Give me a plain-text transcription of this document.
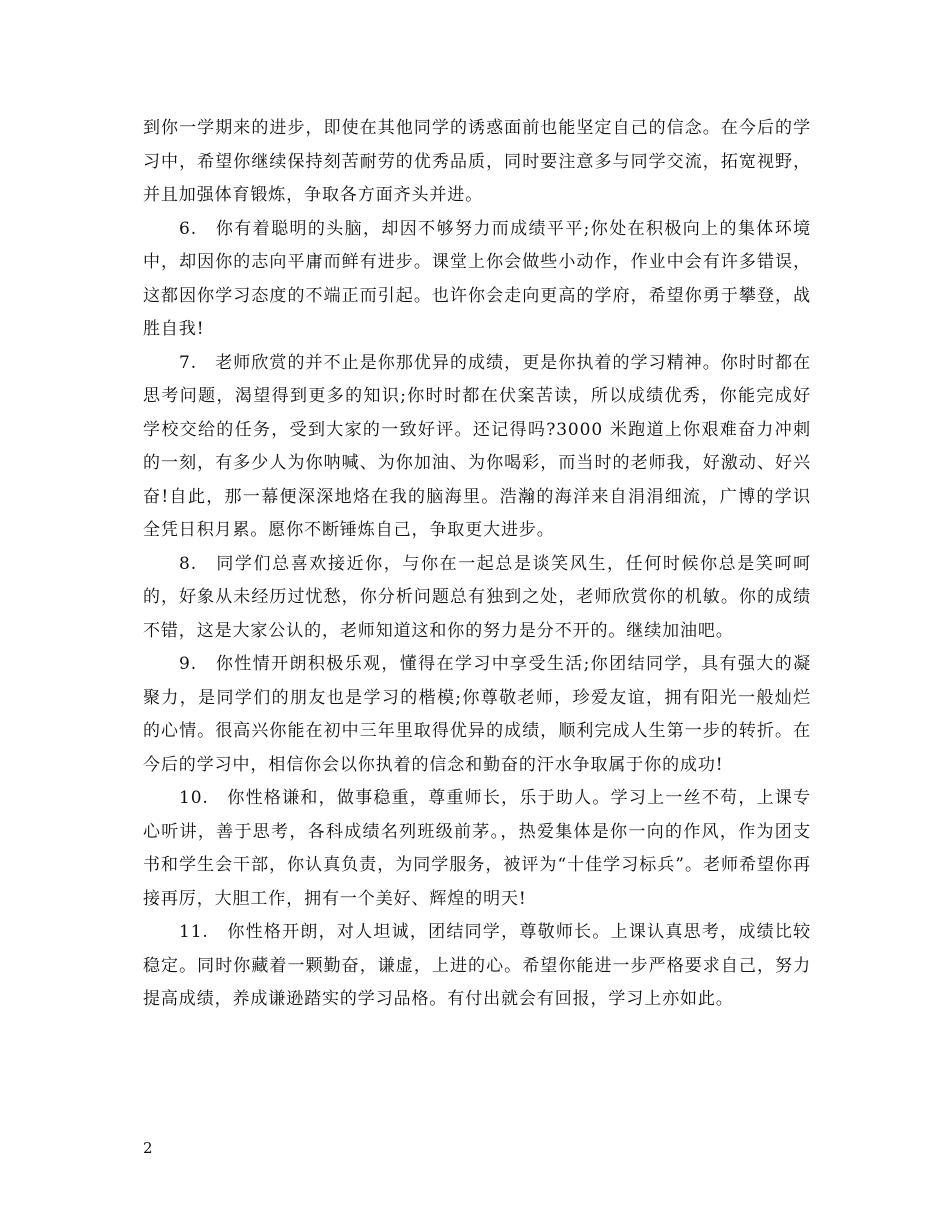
到你一学期来的进步，即使在其他同学的诱惑面前也能坚定自己的信念。在今后的学习中，希望你继续保持刻苦耐劳的优秀品质，同时要注意多与同学交流，拓宽视野，并且加强体育锻炼，争取各方面齐头并进。

6.　你有着聪明的头脑，却因不够努力而成绩平平;你处在积极向上的集体环境中，却因你的志向平庸而鲜有进步。课堂上你会做些小动作，作业中会有许多错误，这都因你学习态度的不端正而引起。也许你会走向更高的学府，希望你勇于攀登，战胜自我!

7.　老师欣赏的并不止是你那优异的成绩，更是你执着的学习精神。你时时都在思考问题，渴望得到更多的知识;你时时都在伏案苦读，所以成绩优秀，你能完成好学校交给的任务，受到大家的一致好评。还记得吗?3000 米跑道上你艰难奋力冲刺的一刻，有多少人为你呐喊、为你加油、为你喝彩，而当时的老师我，好激动、好兴奋!自此，那一幕便深深地烙在我的脑海里。浩瀚的海洋来自涓涓细流，广博的学识全凭日积月累。愿你不断锤炼自己，争取更大进步。

8.　同学们总喜欢接近你，与你在一起总是谈笑风生，任何时候你总是笑呵呵的，好象从未经历过忧愁，你分析问题总有独到之处，老师欣赏你的机敏。你的成绩不错，这是大家公认的，老师知道这和你的努力是分不开的。继续加油吧。

9.　你性情开朗积极乐观，懂得在学习中享受生活;你团结同学，具有强大的凝聚力，是同学们的朋友也是学习的楷模;你尊敬老师，珍爱友谊，拥有阳光一般灿烂的心情。很高兴你能在初中三年里取得优异的成绩，顺利完成人生第一步的转折。在今后的学习中，相信你会以你执着的信念和勤奋的汗水争取属于你的成功!

10.　你性格谦和，做事稳重，尊重师长，乐于助人。学习上一丝不苟，上课专心听讲，善于思考，各科成绩名列班级前茅。，热爱集体是你一向的作风，作为团支书和学生会干部，你认真负责，为同学服务，被评为“十佳学习标兵”。老师希望你再接再厉，大胆工作，拥有一个美好、辉煌的明天!

11.　你性格开朗，对人坦诚，团结同学，尊敬师长。上课认真思考，成绩比较稳定。同时你藏着一颗勤奋，谦虚，上进的心。希望你能进一步严格要求自己，努力提高成绩，养成谦逊踏实的学习品格。有付出就会有回报，学习上亦如此。

2
